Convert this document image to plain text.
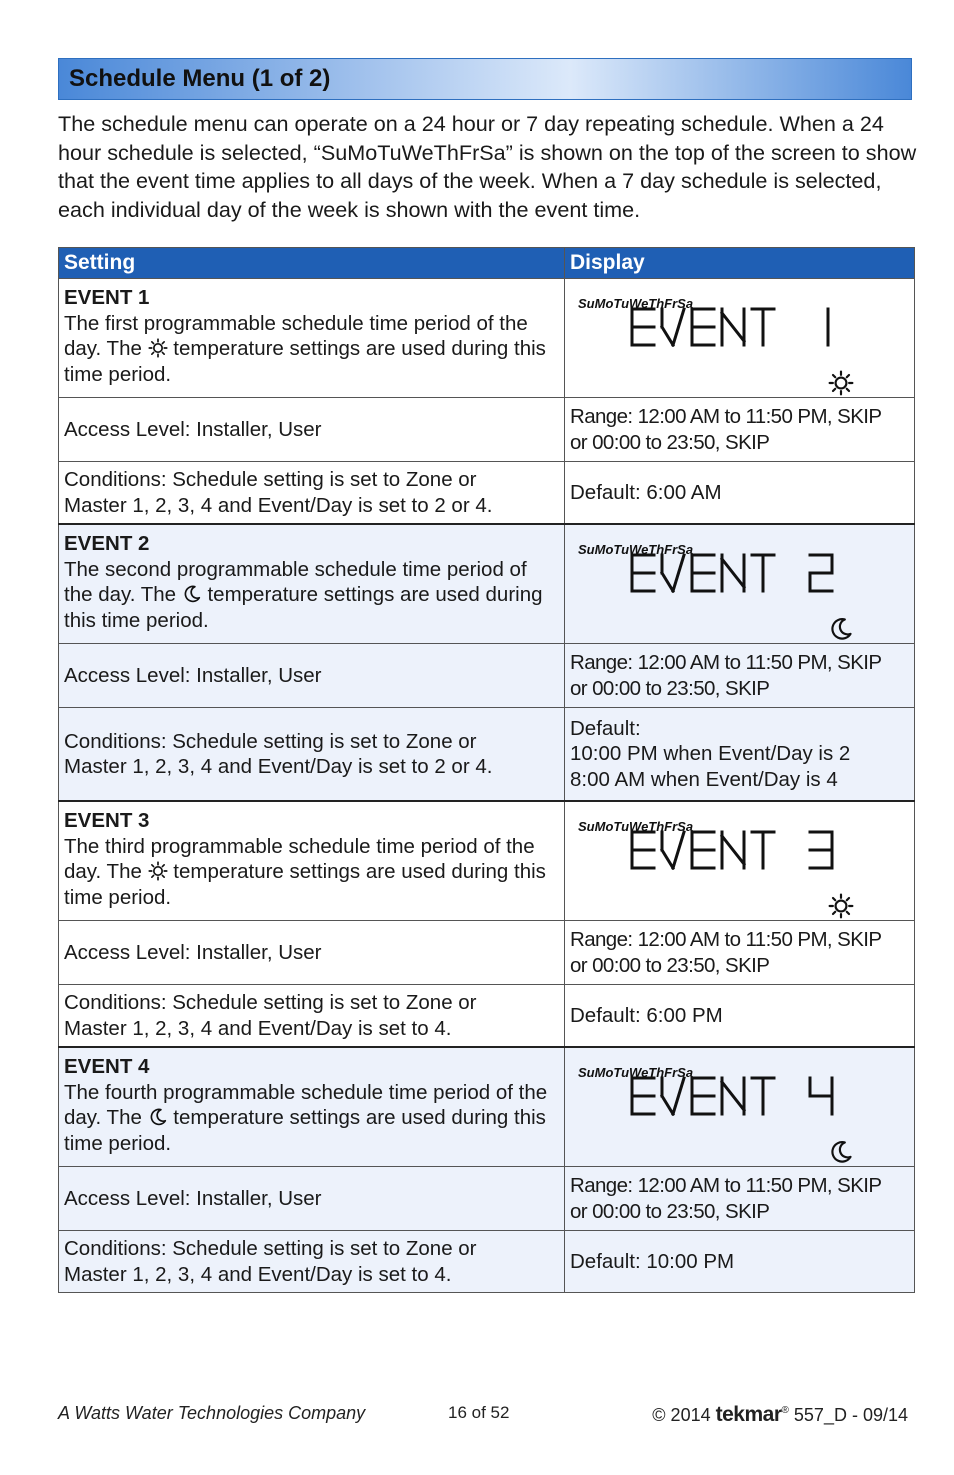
Schedule Menu (1 of 2)
The schedule menu can operate on a 24 hour or 7 day repeating schedule. When a 24 hour schedule is selected, “SuMoTuWeThFrSa” is shown on the top of the screen to show that the event time applies to all days of the week. When a 7 day schedule is selected, each individual day of the week is shown with the event time.
Setting	Display

EVENT 1
The first programmable schedule time period of the day. The temperature settings are used during this time period.	SuMoTuWeThFrSa

Access Level: Installer, User	Range: 12:00 AM to 11:50 PM, SKIP
or 00:00 to 23:50, SKIP
Conditions: Schedule setting is set to Zone or
Master 1, 2, 3, 4 and Event/Day is set to 2 or 4.	Default: 6:00 AM

EVENT 2
The second programmable schedule time period of the day. The temperature settings are used during this time period.	SuMoTuWeThFrSa

Access Level: Installer, User	Range: 12:00 AM to 11:50 PM, SKIP
or 00:00 to 23:50, SKIP
Conditions: Schedule setting is set to Zone or
Master 1, 2, 3, 4 and Event/Day is set to 2 or 4.	Default:
10:00 PM when Event/Day is 2
8:00 AM when Event/Day is 4

EVENT 3
The third programmable schedule time period of the day. The temperature settings are used during this time period.	SuMoTuWeThFrSa

Access Level: Installer, User	Range: 12:00 AM to 11:50 PM, SKIP
or 00:00 to 23:50, SKIP
Conditions: Schedule setting is set to Zone or
Master 1, 2, 3, 4 and Event/Day is set to 4.	Default: 6:00 PM

EVENT 4
The fourth programmable schedule time period of the day. The temperature settings are used during this time period.	SuMoTuWeThFrSa

Access Level: Installer, User	Range: 12:00 AM to 11:50 PM, SKIP
or 00:00 to 23:50, SKIP
Conditions: Schedule setting is set to Zone or
Master 1, 2, 3, 4 and Event/Day is set to 4.	Default: 10:00 PM
A Watts Water Technologies Company	16 of 52	© 2014 tekmar® 557_D - 09/14
